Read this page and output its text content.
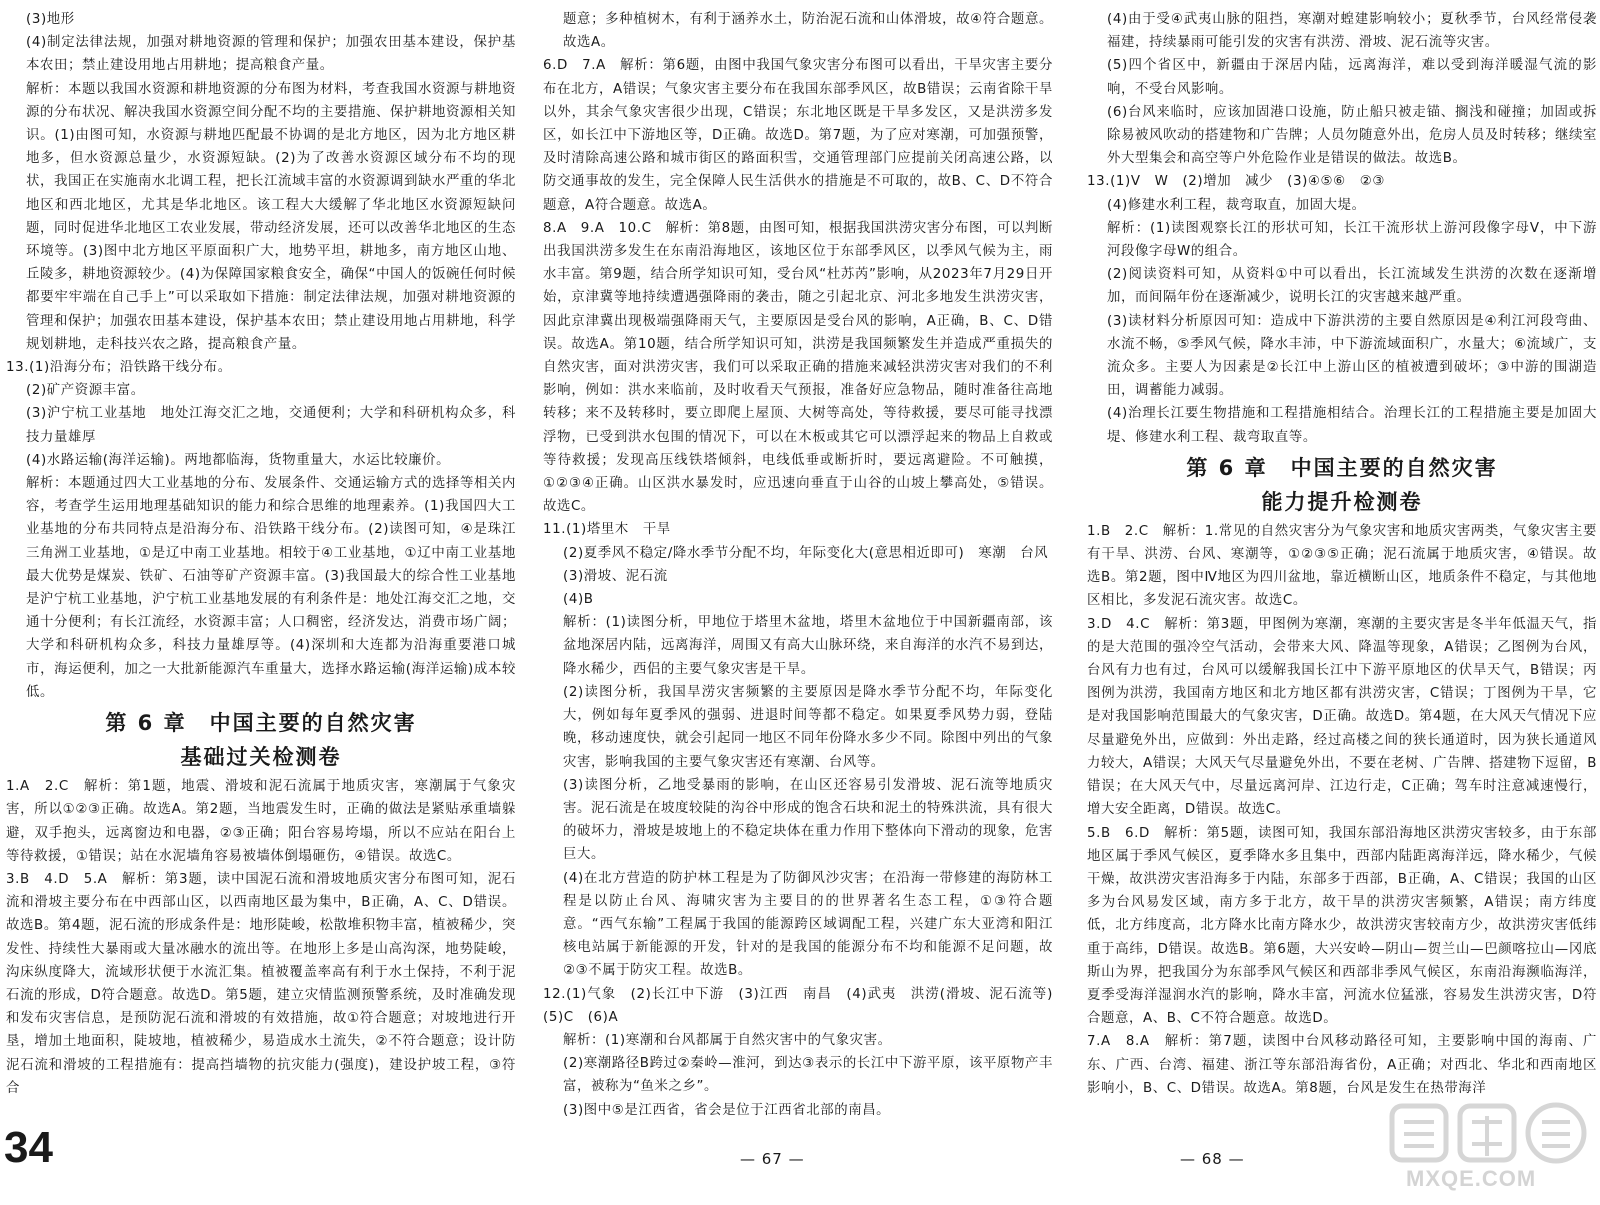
(3)地形

(4)制定法律法规，加强对耕地资源的管理和保护；加强农田基本建设，保护基本农田；禁止建设用地占用耕地；提高粮食产量。

解析：本题以我国水资源和耕地资源的分布图为材料，考查我国水资源与耕地资源的分布状况、解决我国水资源空间分配不均的主要措施、保护耕地资源相关知识。(1)由图可知，水资源与耕地匹配最不协调的是北方地区，因为北方地区耕地多，但水资源总量少，水资源短缺。(2)为了改善水资源区域分布不均的现状，我国正在实施南水北调工程，把长江流域丰富的水资源调到缺水严重的华北地区和西北地区，尤其是华北地区。该工程大大缓解了华北地区水资源短缺问题，同时促进华北地区工农业发展，带动经济发展，还可以改善华北地区的生态环境等。(3)图中北方地区平原面积广大，地势平坦，耕地多，南方地区山地、丘陵多，耕地资源较少。(4)为保障国家粮食安全，确保“中国人的饭碗任何时候都要牢牢端在自己手上”可以采取如下措施：制定法律法规，加强对耕地资源的管理和保护；加强农田基本建设，保护基本农田；禁止建设用地占用耕地，科学规划耕地，走科技兴农之路，提高粮食产量。

13.(1)沿海分布；沿铁路干线分布。

(2)矿产资源丰富。

(3)沪宁杭工业基地　地处江海交汇之地，交通便利；大学和科研机构众多，科技力量雄厚

(4)水路运输(海洋运输)。两地都临海，货物重量大，水运比较廉价。

解析：本题通过四大工业基地的分布、发展条件、交通运输方式的选择等相关内容，考查学生运用地理基础知识的能力和综合思维的地理素养。(1)我国四大工业基地的分布共同特点是沿海分布、沿铁路干线分布。(2)读图可知，④是珠江三角洲工业基地，①是辽中南工业基地。相较于④工业基地，①辽中南工业基地最大优势是煤炭、铁矿、石油等矿产资源丰富。(3)我国最大的综合性工业基地是沪宁杭工业基地，沪宁杭工业基地发展的有利条件是：地处江海交汇之地，交通十分便利；有长江流经，水资源丰富；人口稠密，经济发达，消费市场广阔；大学和科研机构众多，科技力量雄厚等。(4)深圳和大连都为沿海重要港口城市，海运便利，加之一大批新能源汽车重量大，选择水路运输(海洋运输)成本较低。

第 6 章　中国主要的自然灾害

基础过关检测卷

1.A　2.C　解析：第1题，地震、滑坡和泥石流属于地质灾害，寒潮属于气象灾害，所以①②③正确。故选A。第2题，当地震发生时，正确的做法是紧贴承重墙躲避，双手抱头，远离窗边和电器，②③正确；阳台容易垮塌，所以不应站在阳台上等待救援，①错误；站在水泥墙角容易被墙体倒塌砸伤，④错误。故选C。

3.B　4.D　5.A　解析：第3题，读中国泥石流和滑坡地质灾害分布图可知，泥石流和滑坡主要分布在中西部山区，以西南地区最为集中，B正确，A、C、D错误。故选B。第4题，泥石流的形成条件是：地形陡峻，松散堆积物丰富，植被稀少，突发性、持续性大暴雨或大量冰融水的流出等。在地形上多是山高沟深，地势陡峻，沟床纵度降大，流域形状便于水流汇集。植被覆盖率高有利于水土保持，不利于泥石流的形成，D符合题意。故选D。第5题，建立灾情监测预警系统，及时准确发现和发布灾害信息，是预防泥石流和滑坡的有效措施，故①符合题意；对坡地进行开垦，增加土地面积，陡坡地，植被稀少，易造成水土流失，②不符合题意；设计防泥石流和滑坡的工程措施有：提高挡墙物的抗灾能力(强度)，建设护坡工程，③符合

题意；多种植树木，有利于涵养水土，防治泥石流和山体滑坡，故④符合题意。故选A。

6.D　7.A　解析：第6题，由图中我国气象灾害分布图可以看出，干旱灾害主要分布在北方，A错误；气象灾害主要分布在我国东部季风区，故B错误；云南省除干旱以外，其余气象灾害很少出现，C错误；东北地区既是干旱多发区，又是洪涝多发区，如长江中下游地区等，D正确。故选D。第7题，为了应对寒潮，可加强预警，及时清除高速公路和城市街区的路面积雪，交通管理部门应提前关闭高速公路，以防交通事故的发生，完全保障人民生活供水的措施是不可取的，故B、C、D不符合题意，A符合题意。故选A。

8.A　9.A　10.C　解析：第8题，由图可知，根据我国洪涝灾害分布图，可以判断出我国洪涝多发生在东南沿海地区，该地区位于东部季风区，以季风气候为主，雨水丰富。第9题，结合所学知识可知，受台风“杜苏芮”影响，从2023年7月29日开始，京津冀等地持续遭遇强降雨的袭击，随之引起北京、河北多地发生洪涝灾害，因此京津冀出现极端强降雨天气，主要原因是受台风的影响，A正确，B、C、D错误。故选A。第10题，结合所学知识可知，洪涝是我国频繁发生并造成严重损失的自然灾害，面对洪涝灾害，我们可以采取正确的措施来减轻洪涝灾害对我们的不利影响，例如：洪水来临前，及时收看天气预报，准备好应急物品，随时准备往高地转移；来不及转移时，要立即爬上屋顶、大树等高处，等待救援，要尽可能寻找漂浮物，已受到洪水包围的情况下，可以在木板或其它可以漂浮起来的物品上自救或等待救援；发现高压线铁塔倾斜，电线低垂或断折时，要远离避险。不可触摸，①②③④正确。山区洪水暴发时，应迅速向垂直于山谷的山坡上攀高处，⑤错误。故选C。

11.(1)塔里木　干旱

(2)夏季风不稳定/降水季节分配不均，年际变化大(意思相近即可)　寒潮　台风

(3)滑坡、泥石流

(4)B

解析：(1)读图分析，甲地位于塔里木盆地，塔里木盆地位于中国新疆南部，该盆地深居内陆，远离海洋，周围又有高大山脉环绕，来自海洋的水汽不易到达，降水稀少，西侣的主要气象灾害是干旱。

(2)读图分析，我国旱涝灾害频繁的主要原因是降水季节分配不均，年际变化大，例如每年夏季风的强弱、进退时间等都不稳定。如果夏季风势力弱，登陆晚，移动速度快，就会引起同一地区不同年份降水多少不同。除图中列出的气象灾害，影响我国的主要气象灾害还有寒潮、台风等。

(3)读图分析，乙地受暴雨的影响，在山区还容易引发滑坡、泥石流等地质灾害。泥石流是在坡度较陡的沟谷中形成的饱含石块和泥土的特殊洪流，具有很大的破坏力，滑坡是坡地上的不稳定块体在重力作用下整体向下滑动的现象，危害巨大。

(4)在北方营造的防护林工程是为了防御风沙灾害；在沿海一带修建的海防林工程是以防止台风、海啸灾害为主要目的的世界著名生态工程，①③符合题意。“西气东输”工程属于我国的能源跨区域调配工程，兴建广东大亚湾和阳江核电站属于新能源的开发，针对的是我国的能源分布不均和能源不足问题，故②③不属于防灾工程。故选B。

12.(1)气象　(2)长江中下游　(3)江西　南昌　(4)武夷　洪涝(滑坡、泥石流等)　(5)C　(6)A

解析：(1)寒潮和台风都属于自然灾害中的气象灾害。

(2)寒潮路径B跨过②秦岭—淮河，到达③表示的长江中下游平原，该平原物产丰富，被称为“鱼米之乡”。

(3)图中⑤是江西省，省会是位于江西省北部的南昌。

(4)由于受④武夷山脉的阻挡，寒潮对蝗建影响较小；夏秋季节，台风经常侵袭福建，持续暴雨可能引发的灾害有洪涝、滑坡、泥石流等灾害。

(5)四个省区中，新疆由于深居内陆，远离海洋，难以受到海洋暖湿气流的影响，不受台风影响。

(6)台风来临时，应该加固港口设施，防止船只被走锚、搁浅和碰撞；加固或拆除易被风吹动的搭建物和广告牌；人员勿随意外出，危房人员及时转移；继续室外大型集会和高空等户外危险作业是错误的做法。故选B。

13.(1)V　W　(2)增加　减少　(3)④⑤⑥　②③

(4)修建水利工程，裁弯取直，加固大堤。

解析：(1)读图观察长江的形状可知，长江干流形状上游河段像字母V，中下游河段像字母W的组合。

(2)阅读资料可知，从资料①中可以看出，长江流域发生洪涝的次数在逐渐增加，而间隔年份在逐渐减少，说明长江的灾害越来越严重。

(3)读材料分析原因可知：造成中下游洪涝的主要自然原因是④利江河段弯曲、水流不畅，⑤季风气候，降水丰沛，中下游流域面积广，水量大；⑥流域广，支流众多。主要人为因素是②长江中上游山区的植被遭到破坏；③中游的围湖造田，调蓄能力减弱。

(4)治理长江要生物措施和工程措施相结合。治理长江的工程措施主要是加固大堤、修建水利工程、裁弯取直等。

第 6 章　中国主要的自然灾害

能力提升检测卷

1.B　2.C　解析：1.常见的自然灾害分为气象灾害和地质灾害两类，气象灾害主要有干旱、洪涝、台风、寒潮等，①②③⑤正确；泥石流属于地质灾害，④错误。故选B。第2题，图中Ⅳ地区为四川盆地，靠近横断山区，地质条件不稳定，与其他地区相比，多发泥石流灾害。故选C。

3.D　4.C　解析：第3题，甲图例为寒潮，寒潮的主要灾害是冬半年低温天气，指的是大范围的强冷空气活动，会带来大风、降温等现象，A错误；乙图例为台风，台风有力也有过，台风可以缓解我国长江中下游平原地区的伏旱天气，B错误；丙图例为洪涝，我国南方地区和北方地区都有洪涝灾害，C错误；丁图例为干旱，它是对我国影响范围最大的气象灾害，D正确。故选D。第4题，在大风天气情况下应尽量避免外出，应做到：外出走路，经过高楼之间的狭长通道时，因为狭长通道风力较大，A错误；大风天气尽量避免外出，不要在老树、广告牌、搭建物下逗留，B错误；在大风天气中，尽量远离河岸、江边行走，C正确；驾车时注意减速慢行，增大安全距离，D错误。故选C。

5.B　6.D　解析：第5题，读图可知，我国东部沿海地区洪涝灾害较多，由于东部地区属于季风气候区，夏季降水多且集中，西部内陆距离海洋远，降水稀少，气候干燥，故洪涝灾害沿海多于内陆，东部多于西部，B正确，A、C错误；我国的山区多为台风易发区域，南方多于北方，故干旱的洪涝灾害频繁，A错误；南方纬度低，北方纬度高，北方降水比南方降水少，故洪涝灾害较南方少，故洪涝灾害低纬重于高纬，D错误。故选B。第6题，大兴安岭—阴山—贺兰山—巴颜喀拉山—冈底斯山为界，把我国分为东部季风气候区和西部非季风气候区，东南沿海濒临海洋，夏季受海洋湿润水汽的影响，降水丰富，河流水位猛涨，容易发生洪涝灾害，D符合题意，A、B、C不符合题意。故选D。

7.A　8.A　解析：第7题，读图中台风移动路径可知，主要影响中国的海南、广东、广西、台湾、福建、浙江等东部沿海省份，A正确；对西北、华北和西南地区影响小，B、C、D错误。故选A。第8题，台风是发生在热带海洋

34	— 67 —	— 68 —
MXQE.COM
